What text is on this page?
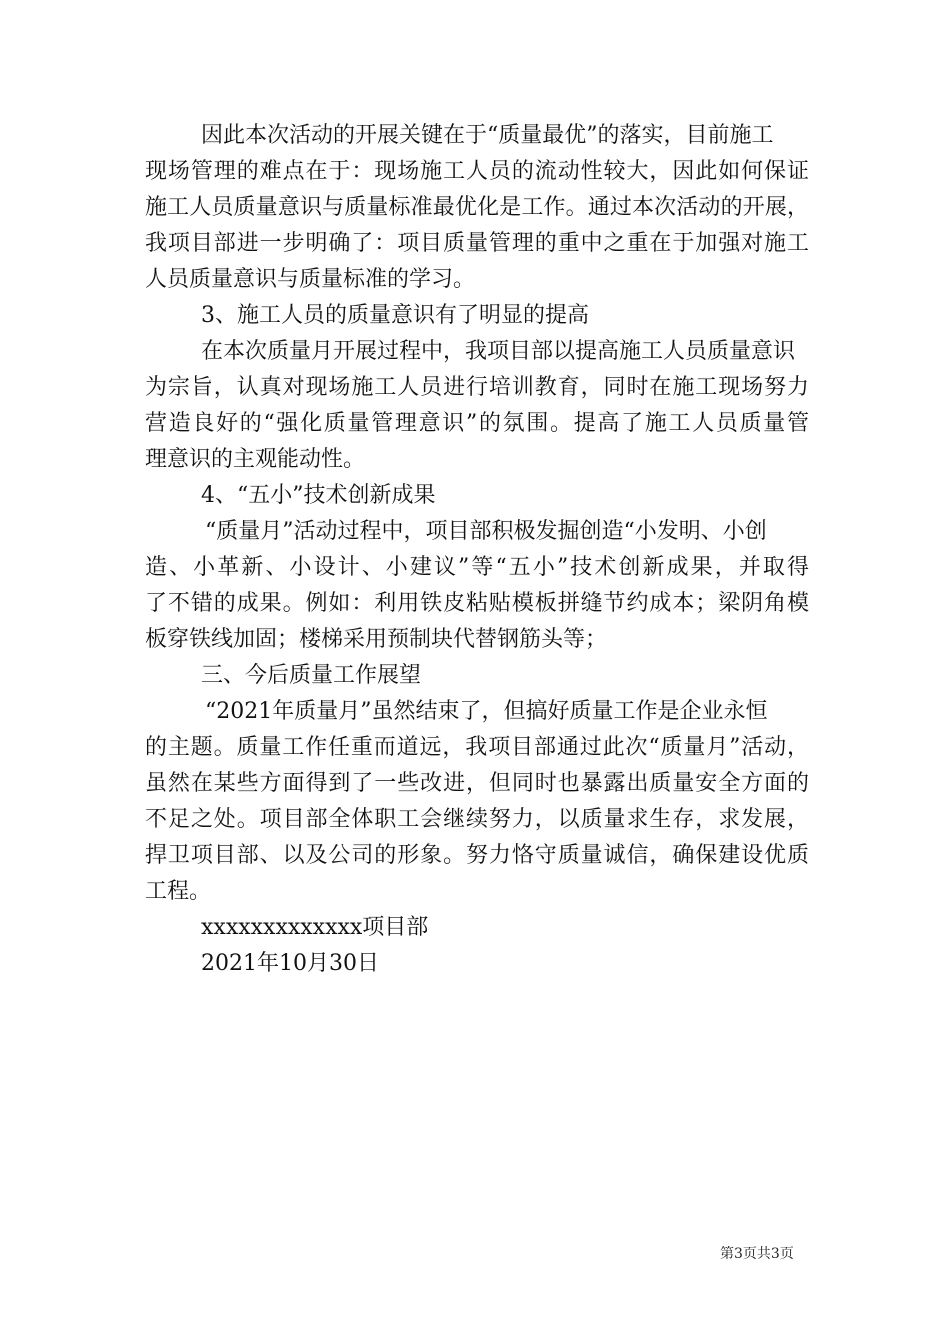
因此本次活动的开展关键在于“质量最优”的落实，目前施工
现场管理的难点在于：现场施工人员的流动性较大，因此如何保证
施工人员质量意识与质量标准最优化是工作。通过本次活动的开展，
我项目部进一步明确了：项目质量管理的重中之重在于加强对施工
人员质量意识与质量标准的学习。
3、施工人员的质量意识有了明显的提高
在本次质量月开展过程中，我项目部以提高施工人员质量意识
为宗旨，认真对现场施工人员进行培训教育，同时在施工现场努力
营造良好的“强化质量管理意识”的氛围。提高了施工人员质量管
理意识的主观能动性。
4、“五小”技术创新成果
“质量月”活动过程中，项目部积极发掘创造“小发明、小创
造、小革新、小设计、小建议”等“五小”技术创新成果，并取得
了不错的成果。例如：利用铁皮粘贴模板拼缝节约成本；梁阴角模
板穿铁线加固；楼梯采用预制块代替钢筋头等；
三、今后质量工作展望
“2021年质量月”虽然结束了，但搞好质量工作是企业永恒
的主题。质量工作任重而道远，我项目部通过此次“质量月”活动，
虽然在某些方面得到了一些改进，但同时也暴露出质量安全方面的
不足之处。项目部全体职工会继续努力，以质量求生存，求发展，
捍卫项目部、以及公司的形象。努力恪守质量诚信，确保建设优质
工程。
xxxxxxxxxxxxx项目部
2021年10月30日
第3页共3页
